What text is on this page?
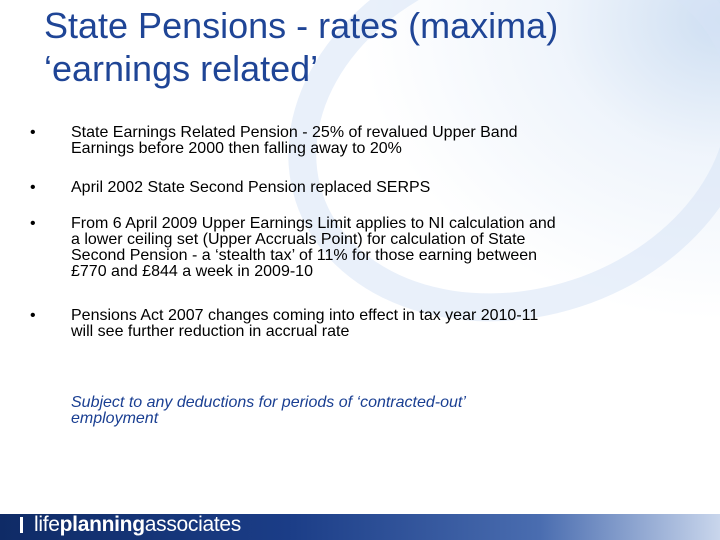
State Pensions - rates (maxima) ‘earnings related’
•	State Earnings Related Pension - 25% of revalued Upper Band
Earnings before 2000 then falling away to 20%
•	April 2002 State Second Pension replaced SERPS
•	From 6 April 2009 Upper Earnings Limit applies to NI calculation and
a lower ceiling set (Upper Accruals Point) for calculation of State
Second Pension - a ‘stealth tax’ of 11% for those earning between
£770 and £844 a week in 2009-10
•	Pensions Act 2007 changes coming into effect in tax year 2010-11
will see further reduction in accrual rate
Subject to any deductions for periods of ‘contracted-out’
employment
life planning associates
